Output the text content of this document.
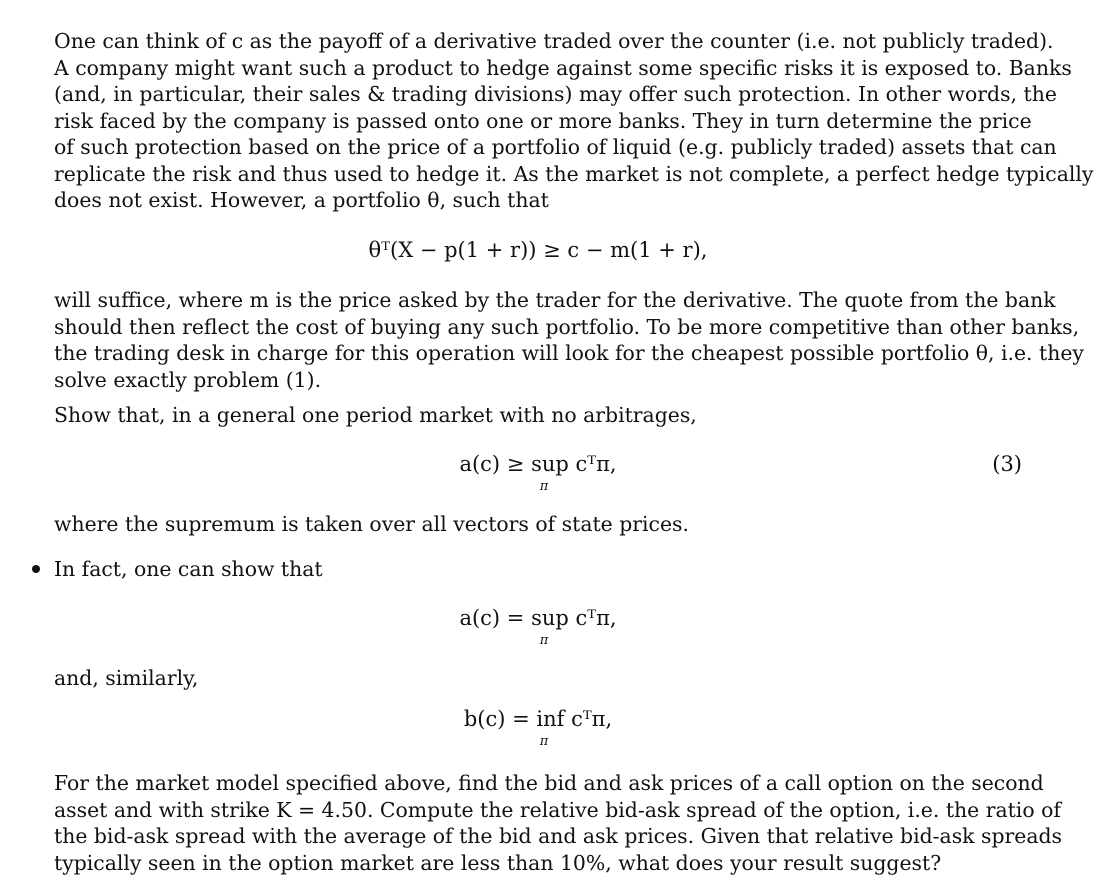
One can think of c as the payoff of a derivative traded over the counter (i.e. not publicly traded).
A company might want such a product to hedge against some specific risks it is exposed to. Banks
(and, in particular, their sales & trading divisions) may offer such protection. In other words, the
risk faced by the company is passed onto one or more banks. They in turn determine the price
of such protection based on the price of a portfolio of liquid (e.g. publicly traded) assets that can
replicate the risk and thus used to hedge it. As the market is not complete, a perfect hedge typically
does not exist. However, a portfolio θ, such that
θᵀ(X − p(1 + r)) ≥ c − m(1 + r),
will suffice, where m is the price asked by the trader for the derivative. The quote from the bank
should then reflect the cost of buying any such portfolio. To be more competitive than other banks,
the trading desk in charge for this operation will look for the cheapest possible portfolio θ, i.e. they
solve exactly problem (1).
Show that, in a general one period market with no arbitrages,
a(c) ≥ sup cᵀπ,	(3)
π
where the supremum is taken over all vectors of state prices.
In fact, one can show that
a(c) = sup cᵀπ,
π
and, similarly,
b(c) = inf cᵀπ,
π
For the market model specified above, find the bid and ask prices of a call option on the second
asset and with strike K = 4.50. Compute the relative bid-ask spread of the option, i.e. the ratio of
the bid-ask spread with the average of the bid and ask prices. Given that relative bid-ask spreads
typically seen in the option market are less than 10%, what does your result suggest?
